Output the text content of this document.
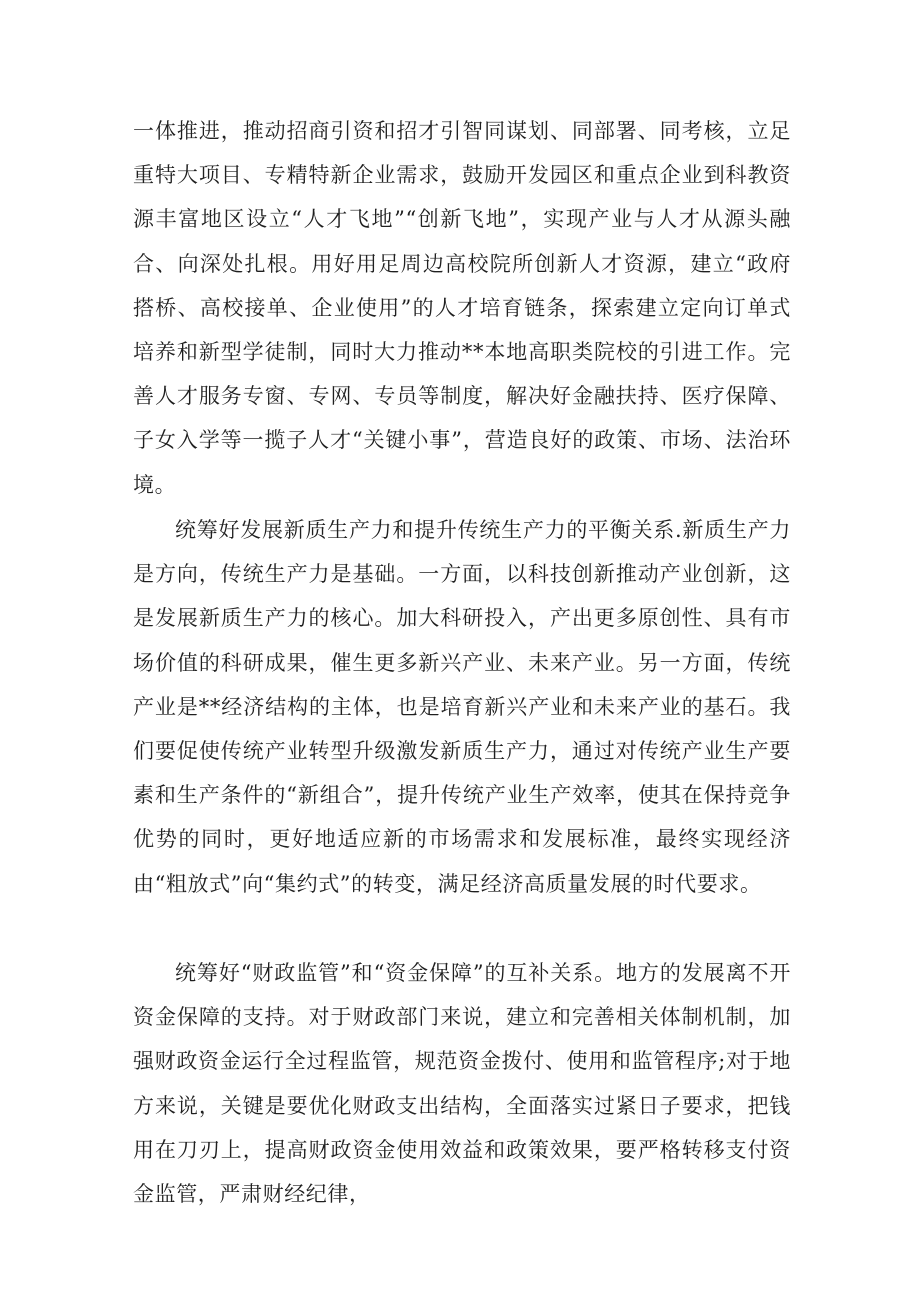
一体推进，推动招商引资和招才引智同谋划、同部署、同考核，立足重特大项目、专精特新企业需求，鼓励开发园区和重点企业到科教资源丰富地区设立“人才飞地”“创新飞地”，实现产业与人才从源头融合、向深处扎根。用好用足周边高校院所创新人才资源，建立“政府搭桥、高校接单、企业使用”的人才培育链条，探索建立定向订单式培养和新型学徒制，同时大力推动**本地高职类院校的引进工作。完善人才服务专窗、专网、专员等制度，解决好金融扶持、医疗保障、子女入学等一揽子人才“关键小事”，营造良好的政策、市场、法治环境。

统筹好发展新质生产力和提升传统生产力的平衡关系.新质生产力是方向，传统生产力是基础。一方面，以科技创新推动产业创新，这是发展新质生产力的核心。加大科研投入，产出更多原创性、具有市场价值的科研成果，催生更多新兴产业、未来产业。另一方面，传统产业是**经济结构的主体，也是培育新兴产业和未来产业的基石。我们要促使传统产业转型升级激发新质生产力，通过对传统产业生产要素和生产条件的“新组合”，提升传统产业生产效率，使其在保持竞争优势的同时，更好地适应新的市场需求和发展标准，最终实现经济由“粗放式”向“集约式”的转变，满足经济高质量发展的时代要求。

统筹好“财政监管”和“资金保障”的互补关系。地方的发展离不开资金保障的支持。对于财政部门来说，建立和完善相关体制机制，加强财政资金运行全过程监管，规范资金拨付、使用和监管程序;对于地方来说，关键是要优化财政支出结构，全面落实过紧日子要求，把钱用在刀刃上，提高财政资金使用效益和政策效果，要严格转移支付资金监管，严肃财经纪律，
